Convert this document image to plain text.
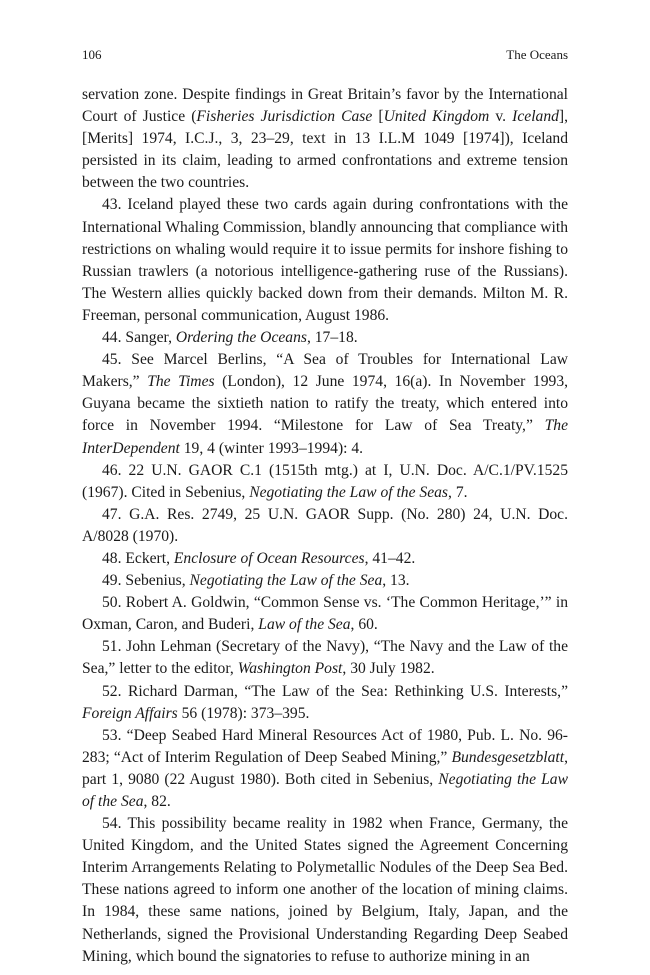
106	The Oceans

servation zone. Despite findings in Great Britain’s favor by the International Court of Justice (Fisheries Jurisdiction Case [United Kingdom v. Iceland], [Merits] 1974, I.C.J., 3, 23–29, text in 13 I.L.M 1049 [1974]), Iceland persisted in its claim, leading to armed confrontations and extreme tension between the two countries.

43. Iceland played these two cards again during confrontations with the International Whaling Commission, blandly announcing that compliance with restrictions on whaling would require it to issue permits for inshore fishing to Russian trawlers (a notorious intelligence-gathering ruse of the Russians). The Western allies quickly backed down from their demands. Milton M. R. Freeman, personal communication, August 1986.

44. Sanger, Ordering the Oceans, 17–18.

45. See Marcel Berlins, “A Sea of Troubles for International Law Makers,” The Times (London), 12 June 1974, 16(a). In November 1993, Guyana became the sixtieth nation to ratify the treaty, which entered into force in November 1994. “Milestone for Law of Sea Treaty,” The InterDependent 19, 4 (winter 1993–1994): 4.

46. 22 U.N. GAOR C.1 (1515th mtg.) at I, U.N. Doc. A/C.1/PV.1525 (1967). Cited in Sebenius, Negotiating the Law of the Seas, 7.

47. G.A. Res. 2749, 25 U.N. GAOR Supp. (No. 280) 24, U.N. Doc. A/8028 (1970).

48. Eckert, Enclosure of Ocean Resources, 41–42.

49. Sebenius, Negotiating the Law of the Sea, 13.

50. Robert A. Goldwin, “Common Sense vs. ‘The Common Heritage,’” in Oxman, Caron, and Buderi, Law of the Sea, 60.

51. John Lehman (Secretary of the Navy), “The Navy and the Law of the Sea,” letter to the editor, Washington Post, 30 July 1982.

52. Richard Darman, “The Law of the Sea: Rethinking U.S. Interests,” Foreign Affairs 56 (1978): 373–395.

53. “Deep Seabed Hard Mineral Resources Act of 1980, Pub. L. No. 96-283; “Act of Interim Regulation of Deep Seabed Mining,” Bundesgesetzblatt, part 1, 9080 (22 August 1980). Both cited in Sebenius, Negotiating the Law of the Sea, 82.

54. This possibility became reality in 1982 when France, Germany, the United Kingdom, and the United States signed the Agreement Concerning Interim Arrangements Relating to Polymetallic Nodules of the Deep Sea Bed. These nations agreed to inform one another of the location of mining claims. In 1984, these same nations, joined by Belgium, Italy, Japan, and the Netherlands, signed the Provisional Understanding Regarding Deep Seabed Mining, which bound the signatories to refuse to authorize mining in an
